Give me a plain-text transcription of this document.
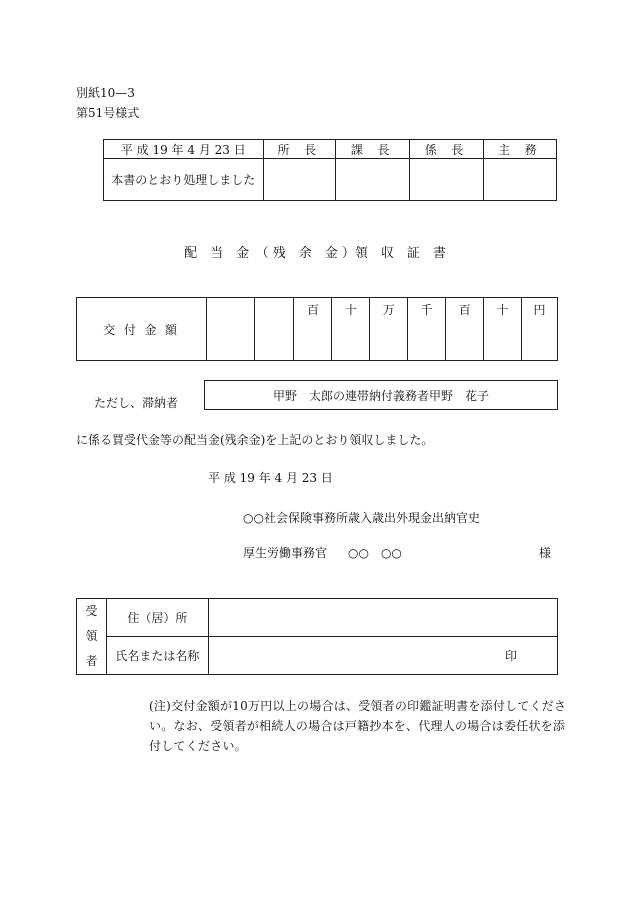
別紙10—3
第51号様式
平 成 19 年 4 月 23 日	所 長	課 長	係 長	主 務
本書のとおり処理しました				
配　当　金　（ 残　余　金 ）領　収　証　書
交 付 金 額			百	十	万	千	百	十	円
ただし、滞納者
甲野　太郎の連帯納付義務者甲野　花子
に係る買受代金等の配当金(残余金)を上記のとおり領収しました。
平 成 19 年 4 月 23 日
○○社会保険事務所歳入歳出外現金出納官史
厚生労働事務官 ○○　○○	様
受
領
者	住（居）所	
	氏名または名称	印
(注)交付金額が10万円以上の場合は、受領者の印鑑証明書を添付してくださ
い。なお、受領者が相続人の場合は戸籍抄本を、代理人の場合は委任状を添
付してください。
